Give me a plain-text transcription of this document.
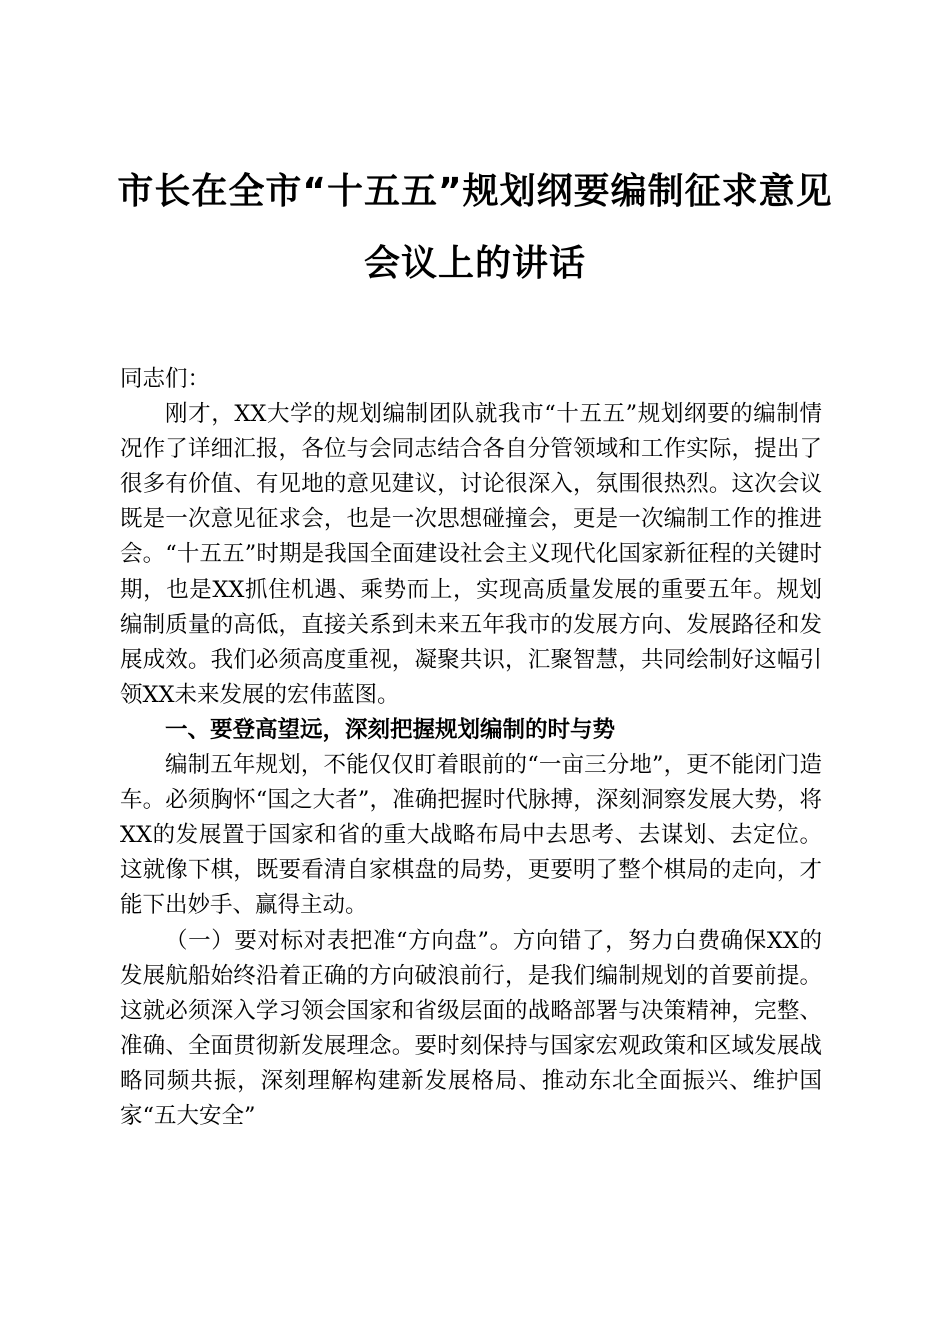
市长在全市“十五五”规划纲要编制征求意见
会议上的讲话

同志们：

刚才，XX大学的规划编制团队就我市“十五五”规划纲要的编制情况作了详细汇报，各位与会同志结合各自分管领域和工作实际，提出了很多有价值、有见地的意见建议，讨论很深入，氛围很热烈。这次会议既是一次意见征求会，也是一次思想碰撞会，更是一次编制工作的推进会。“十五五”时期是我国全面建设社会主义现代化国家新征程的关键时期，也是XX抓住机遇、乘势而上，实现高质量发展的重要五年。规划编制质量的高低，直接关系到未来五年我市的发展方向、发展路径和发展成效。我们必须高度重视，凝聚共识，汇聚智慧，共同绘制好这幅引领XX未来发展的宏伟蓝图。

一、要登高望远，深刻把握规划编制的时与势

编制五年规划，不能仅仅盯着眼前的“一亩三分地”，更不能闭门造车。必须胸怀“国之大者”，准确把握时代脉搏，深刻洞察发展大势，将XX的发展置于国家和省的重大战略布局中去思考、去谋划、去定位。这就像下棋，既要看清自家棋盘的局势，更要明了整个棋局的走向，才能下出妙手、赢得主动。

（一）要对标对表把准“方向盘”。方向错了，努力白费确保XX的发展航船始终沿着正确的方向破浪前行，是我们编制规划的首要前提。这就必须深入学习领会国家和省级层面的战略部署与决策精神，完整、准确、全面贯彻新发展理念。要时刻保持与国家宏观政策和区域发展战略同频共振，深刻理解构建新发展格局、推动东北全面振兴、维护国家“五大安全”
